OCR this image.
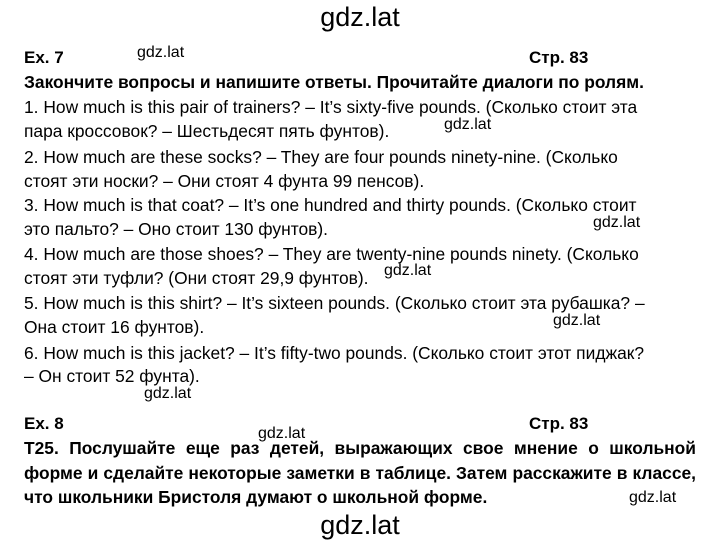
gdz.lat
gdz.lat
Ex. 7	gdz.lat	Стр. 83
Закончите вопросы и напишите ответы. Прочитайте диалоги по ролям.
1. How much is this pair of trainers? – It’s sixty-five pounds. (Сколько стоит эта
пара кроссовок? – Шестьдесят пять фунтов).	gdz.lat
2. How much are these socks? – They are four pounds ninety-nine. (Сколько
стоят эти носки? – Они стоят 4 фунта 99 пенсов).
3. How much is that coat? – It’s one hundred and thirty pounds. (Сколько стоит
это пальто? – Оно стоит 130 фунтов).	gdz.lat
4. How much are those shoes? – They are twenty-nine pounds ninety. (Сколько
стоят эти туфли? (Они стоят 29,9 фунтов). gdz.lat
5. How much is this shirt? – It’s sixteen pounds. (Сколько стоит эта рубашка? –
Она стоит 16 фунтов).	gdz.lat
6. How much is this jacket? – It’s fifty-two pounds. (Сколько стоит этот пиджак?
– Он стоит 52 фунта).
gdz.lat
Ex. 8
gdz.lat
Стр. 83
T25. Послушайте еще раз детей, выражающих свое мнение о школьной форме и сделайте некоторые заметки в таблице. Затем расскажите в классе, что школьники Бристоля думают о школьной форме.	gdz.lat
